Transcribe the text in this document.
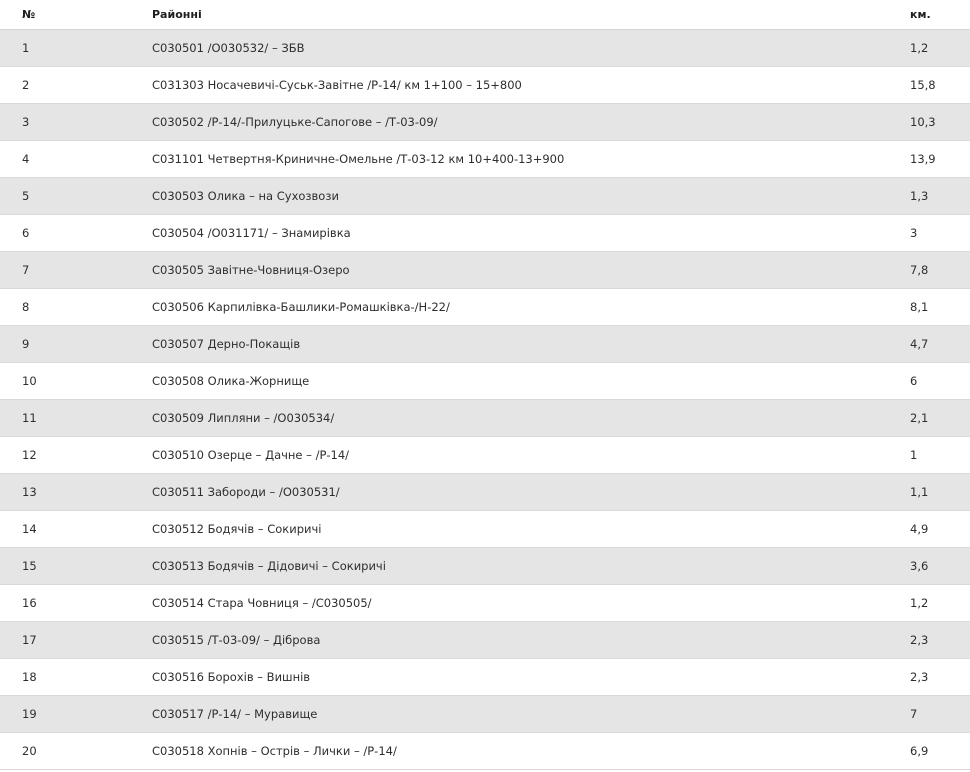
№	Районні	км.
1	С030501 /О030532/ – ЗБВ	1,2
2	С031303 Носачевичі-Суськ-Завітне /Р-14/ км 1+100 – 15+800	15,8
3	С030502 /Р-14/-Прилуцьке-Сапогове – /Т-03-09/	10,3
4	С031101 Четвертня-Криничне-Омельне /Т-03-12 км 10+400-13+900	13,9
5	С030503 Олика – на Сухозвози	1,3
6	С030504 /О031171/ – Знамирівка	3
7	С030505 Завітне-Човниця-Озеро	7,8
8	С030506 Карпилівка-Башлики-Ромашківка-/Н-22/	8,1
9	С030507 Дерно-Покащів	4,7
10	С030508 Олика-Жорнище	6
11	С030509 Липляни – /О030534/	2,1
12	С030510 Озерце – Дачне – /Р-14/	1
13	С030511 Забороди – /О030531/	1,1
14	С030512 Бодячів – Сокиричі	4,9
15	С030513 Бодячів – Дідовичі – Сокиричі	3,6
16	С030514 Стара Човниця – /С030505/	1,2
17	С030515 /Т-03-09/ – Діброва	2,3
18	С030516 Борохів – Вишнів	2,3
19	С030517 /Р-14/ – Муравище	7
20	С030518 Хопнів – Острів – Лички – /Р-14/	6,9
